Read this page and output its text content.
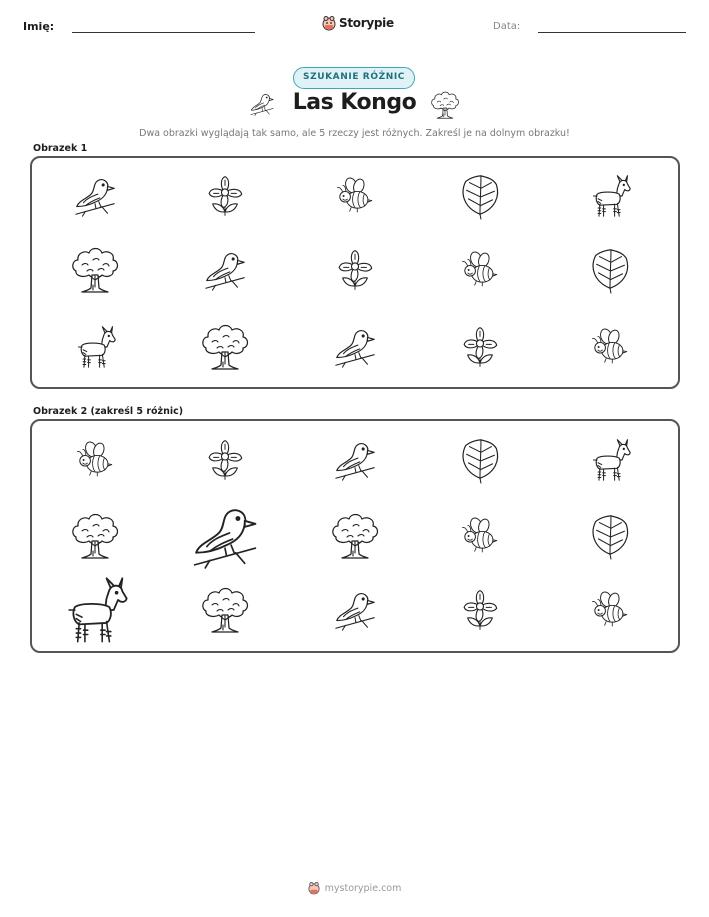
Imię:	Storypie	Data:
SZUKANIE RÓŻNIC
Las Kongo
Dwa obrazki wyglądają tak samo, ale 5 rzeczy jest różnych. Zakreśl je na dolnym obrazku!
Obrazek 1
Obrazek 2 (zakreśl 5 różnic)
mystorypie.com
